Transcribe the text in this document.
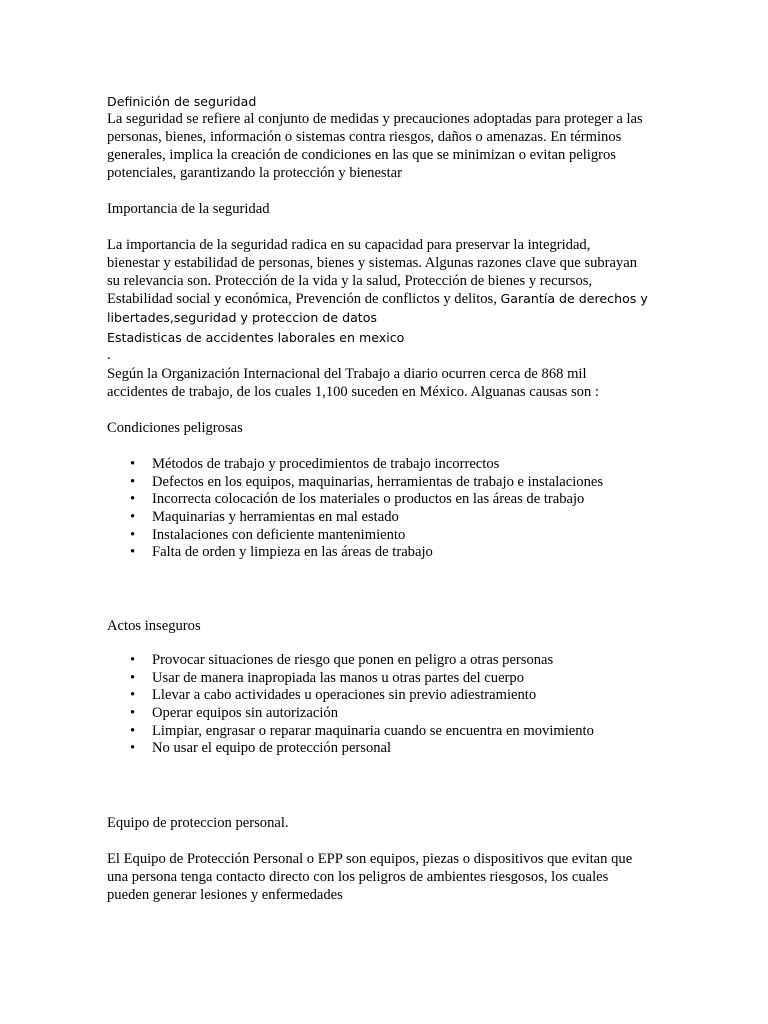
Definición de seguridad
La seguridad se refiere al conjunto de medidas y precauciones adoptadas para proteger a las
personas, bienes, información o sistemas contra riesgos, daños o amenazas. En términos
generales, implica la creación de condiciones en las que se minimizan o evitan peligros
potenciales, garantizando la protección y bienestar
Importancia de la seguridad
La importancia de la seguridad radica en su capacidad para preservar la integridad,
bienestar y estabilidad de personas, bienes y sistemas. Algunas razones clave que subrayan
su relevancia son. Protección de la vida y la salud, Protección de bienes y recursos,
Estabilidad social y económica, Prevención de conflictos y delitos, Garantía de derechos y
libertades,seguridad y proteccion de datos
Estadisticas de accidentes laborales en mexico
.
Según la Organización Internacional del Trabajo a diario ocurren cerca de 868 mil
accidentes de trabajo, de los cuales 1,100 suceden en México. Alguanas causas son :
Condiciones peligrosas
• Métodos de trabajo y procedimientos de trabajo incorrectos
• Defectos en los equipos, maquinarias, herramientas de trabajo e instalaciones
• Incorrecta colocación de los materiales o productos en las áreas de trabajo
• Maquinarias y herramientas en mal estado
• Instalaciones con deficiente mantenimiento
• Falta de orden y limpieza en las áreas de trabajo
Actos inseguros
• Provocar situaciones de riesgo que ponen en peligro a otras personas
• Usar de manera inapropiada las manos u otras partes del cuerpo
• Llevar a cabo actividades u operaciones sin previo adiestramiento
• Operar equipos sin autorización
• Limpiar, engrasar o reparar maquinaria cuando se encuentra en movimiento
• No usar el equipo de protección personal
Equipo de proteccion personal.
El Equipo de Protección Personal o EPP son equipos, piezas o dispositivos que evitan que
una persona tenga contacto directo con los peligros de ambientes riesgosos, los cuales
pueden generar lesiones y enfermedades
